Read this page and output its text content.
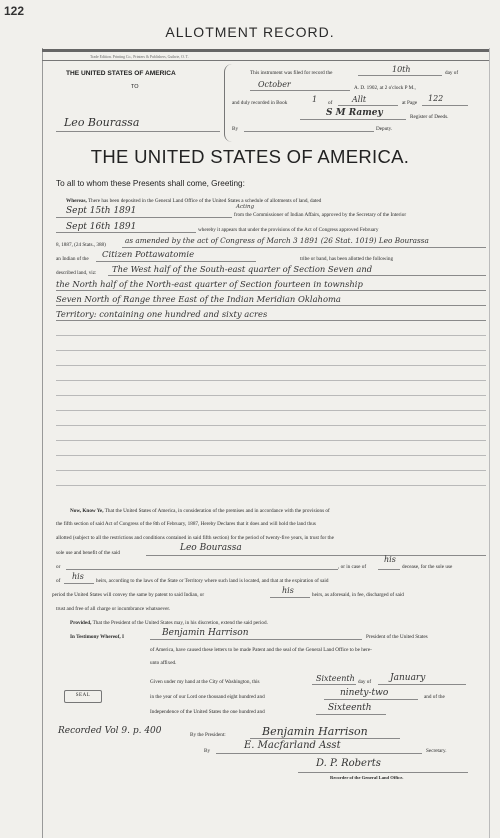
122
ALLOTMENT RECORD.
Trade Edition. Printing Co., Printers & Publishers, Guthrie, O. T.
THE UNITED STATES OF AMERICA
TO
Leo Bourassa
This instrument was filed for record the	10th	day of
October	A. D. 1902, at 2 o'clock P M.,
and duly recorded in Book	1 of Allt	at Page 122
S M Ramey	Register of Deeds.
By	Deputy.
THE UNITED STATES OF AMERICA.
To all to whom these Presents shall come, Greeting:
Whereas, There has been deposited in the General Land Office of the United States a schedule of allotments of land, dated
Sept 15th 1891	Acting
from the Commissioner of Indian Affairs, approved by the Secretary of the Interior
Sept 16th 1891	whereby it appears that under the provisions of the Act of Congress approved February
8, 1887, (24 Stats., 388)	as amended by the act of Congress of March 3 1891 (26 Stat. 1019) Leo Bourassa
an Indian of the Citizen Pottawatomie	tribe or band, has been allotted the following
described land, viz: The West half of the South-east quarter of Section Seven and
the North half of the North-east quarter of Section fourteen in township
Seven North of Range three East of the Indian Meridian Oklahoma
Territory: containing one hundred and sixty acres
Now, Know Ye, That the United States of America, in consideration of the premises and in accordance with the provisions of
the fifth section of said Act of Congress of the 8th of February, 1887, Hereby Declares that it does and will hold the land thus
allotted (subject to all the restrictions and conditions contained in said fifth section) for the period of twenty-five years, in trust for the
sole use and benefit of the said	Leo Bourassa
his
or	, or in case of	decease, for the sole use
of his heirs, according to the laws of the State or Territory where such land is located, and that at the expiration of said
period the United States will convey the same by patent to said Indian, or	his	heirs, as aforesaid, in fee, discharged of said
trust and free of all charge or incumbrance whatsoever.
Provided, That the President of the United States may, in his discretion, extend the said period.
In Testimony Whereof, I	Benjamin Harrison	President of the United States
of America, have caused these letters to be made Patent and the seal of the General Land Office to be here-
unto affixed.
Given under my hand at the City of Washington, this	Sixteenth day of January
SEAL	in the year of our Lord one thousand eight hundred and	ninety-two	and of the
Independence of the United States the one hundred and	Sixteenth
Recorded Vol 9. p. 400	By the President:	Benjamin Harrison
By	E. Macfarland Asst	Secretary.
D. P. Roberts
Recorder of the General Land Office.
